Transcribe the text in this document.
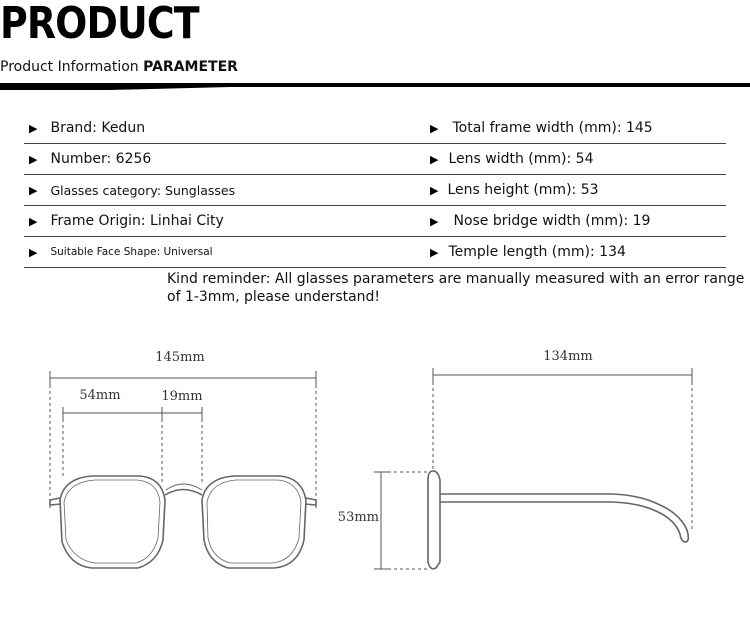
PRODUCT
Product Information PARAMETER
▶ Brand: Kedun	▶ Total frame width (mm): 145
▶ Number: 6256	▶ Lens width (mm): 54
▶ Glasses category: Sunglasses	▶ Lens height (mm): 53
▶ Frame Origin: Linhai City	▶ Nose bridge width (mm): 19
▶ Suitable Face Shape: Universal	▶ Temple length (mm): 134
Kind reminder: All glasses parameters are manually measured with an error range of 1-3mm, please understand!
145mm
54mm	19mm
134mm
53mm
